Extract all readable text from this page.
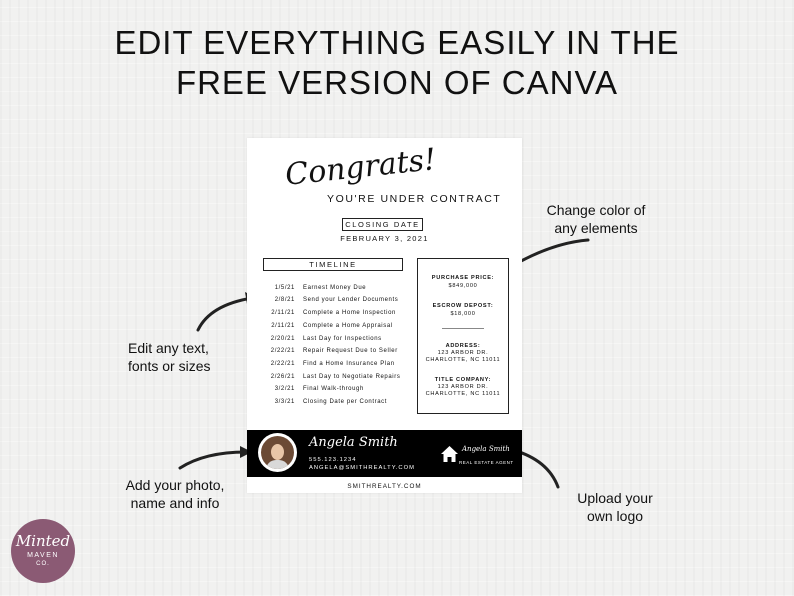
EDIT EVERYTHING EASILY IN THE
FREE VERSION OF CANVA
Change color of
any elements
Edit any text,
fonts or sizes
Add your photo,
name and info	Upload your
own logo
Congrats!
YOU'RE UNDER CONTRACT
CLOSING DATE
FEBRUARY 3, 2021
TIMELINE
1/5/21 Earnest Money Due
2/8/21 Send your Lender Documents
2/11/21 Complete a Home Inspection
2/11/21 Complete a Home Appraisal
2/20/21 Last Day for Inspections
2/22/21 Repair Request Due to Seller
2/22/21 Find a Home Insurance Plan
2/26/21 Last Day to Negotiate Repairs
3/2/21 Final Walk-through
3/3/21 Closing Date per Contract
PURCHASE PRICE:
$849,000
ESCROW DEPOST:
$18,000
ADDRESS:
123 ARBOR DR.
CHARLOTTE, NC 11011
TITLE COMPANY:
123 ARBOR DR.
CHARLOTTE, NC 11011
Angela Smith
555.123.1234
ANGELA@SMITHREALTY.COM
Angela Smith
REAL ESTATE AGENT
SMITHREALTY.COM
Minted
MAVEN
CO.
